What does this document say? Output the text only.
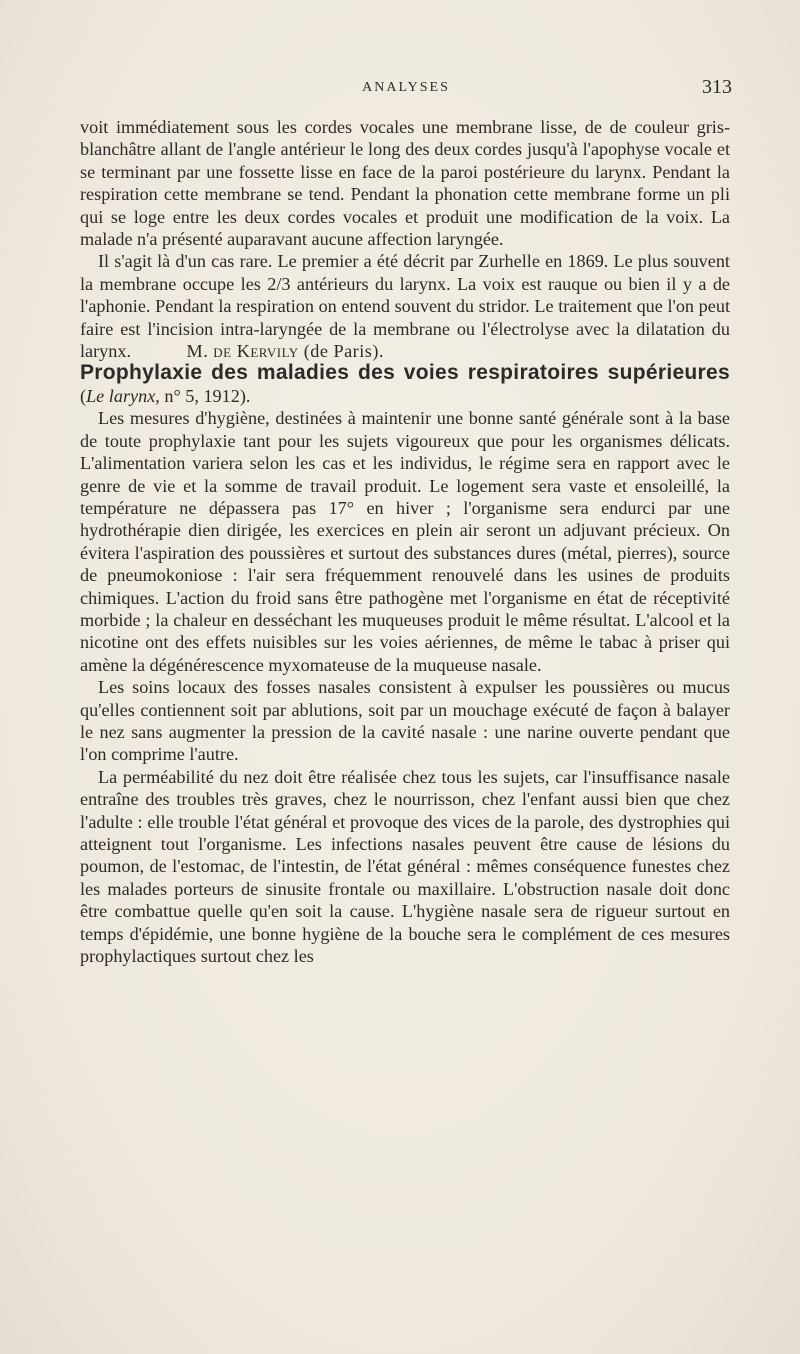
ANALYSES	313

voit immédiatement sous les cordes vocales une membrane lisse, de de couleur gris-blanchâtre allant de l'angle antérieur le long des deux cordes jusqu'à l'apophyse vocale et se terminant par une fossette lisse en face de la paroi postérieure du larynx. Pendant la respiration cette membrane se tend. Pendant la phonation cette membrane forme un pli qui se loge entre les deux cordes vocales et produit une modification de la voix. La malade n'a présenté auparavant aucune affection laryngée.

Il s'agit là d'un cas rare. Le premier a été décrit par Zurhelle en 1869. Le plus souvent la membrane occupe les 2/3 antérieurs du larynx. La voix est rauque ou bien il y a de l'aphonie. Pendant la respiration on entend souvent du stridor. Le traitement que l'on peut faire est l'incision intra-laryngée de la membrane ou l'électrolyse avec la dilatation du larynx.	M. de Kervily (de Paris).

Prophylaxie des maladies des voies respiratoires supérieures (Le larynx, n° 5, 1912).

Les mesures d'hygiène, destinées à maintenir une bonne santé générale sont à la base de toute prophylaxie tant pour les sujets vigoureux que pour les organismes délicats. L'alimentation variera selon les cas et les individus, le régime sera en rapport avec le genre de vie et la somme de travail produit. Le logement sera vaste et ensoleillé, la température ne dépassera pas 17° en hiver ; l'organisme sera endurci par une hydrothérapie dien dirigée, les exercices en plein air seront un adjuvant précieux. On évitera l'aspiration des poussières et surtout des substances dures (métal, pierres), source de pneumokoniose : l'air sera fréquemment renouvelé dans les usines de produits chimiques. L'action du froid sans être pathogène met l'organisme en état de réceptivité morbide ; la chaleur en desséchant les muqueuses produit le même résultat. L'alcool et la nicotine ont des effets nuisibles sur les voies aériennes, de même le tabac à priser qui amène la dégénérescence myxomateuse de la muqueuse nasale.

Les soins locaux des fosses nasales consistent à expulser les poussières ou mucus qu'elles contiennent soit par ablutions, soit par un mouchage exécuté de façon à balayer le nez sans augmenter la pression de la cavité nasale : une narine ouverte pendant que l'on comprime l'autre.

La perméabilité du nez doit être réalisée chez tous les sujets, car l'insuffisance nasale entraîne des troubles très graves, chez le nourrisson, chez l'enfant aussi bien que chez l'adulte : elle trouble l'état général et provoque des vices de la parole, des dystrophies qui atteignent tout l'organisme. Les infections nasales peuvent être cause de lésions du poumon, de l'estomac, de l'intestin, de l'état général : mêmes conséquence funestes chez les malades porteurs de sinusite frontale ou maxillaire. L'obstruction nasale doit donc être combattue quelle qu'en soit la cause. L'hygiène nasale sera de rigueur surtout en temps d'épidémie, une bonne hygiène de la bouche sera le complément de ces mesures prophylactiques surtout chez les
